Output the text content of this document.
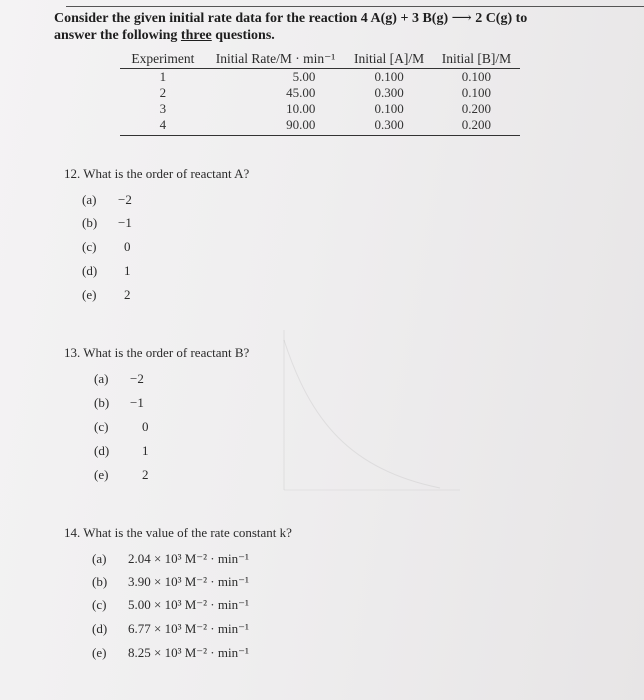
Consider the given initial rate data for the reaction 4 A(g) + 3 B(g) ⟶ 2 C(g) to
answer the following three questions.
Experiment	Initial Rate/M · min⁻¹	Initial [A]/M	Initial [B]/M
1	5.00	0.100	0.100
2	45.00	0.300	0.100
3	10.00	0.100	0.200
4	90.00	0.300	0.200
12. What is the order of reactant A?
(a)	−2
(b)	−1
(c)	0
(d)	1
(e)	2
13. What is the order of reactant B?
(a)	−2
(b)	−1
(c)	0
(d)	1
(e)	2
14. What is the value of the rate constant k?
(a)	2.04 × 10³ M⁻² · min⁻¹
(b)	3.90 × 10³ M⁻² · min⁻¹
(c)	5.00 × 10³ M⁻² · min⁻¹
(d)	6.77 × 10³ M⁻² · min⁻¹
(e)	8.25 × 10³ M⁻² · min⁻¹
